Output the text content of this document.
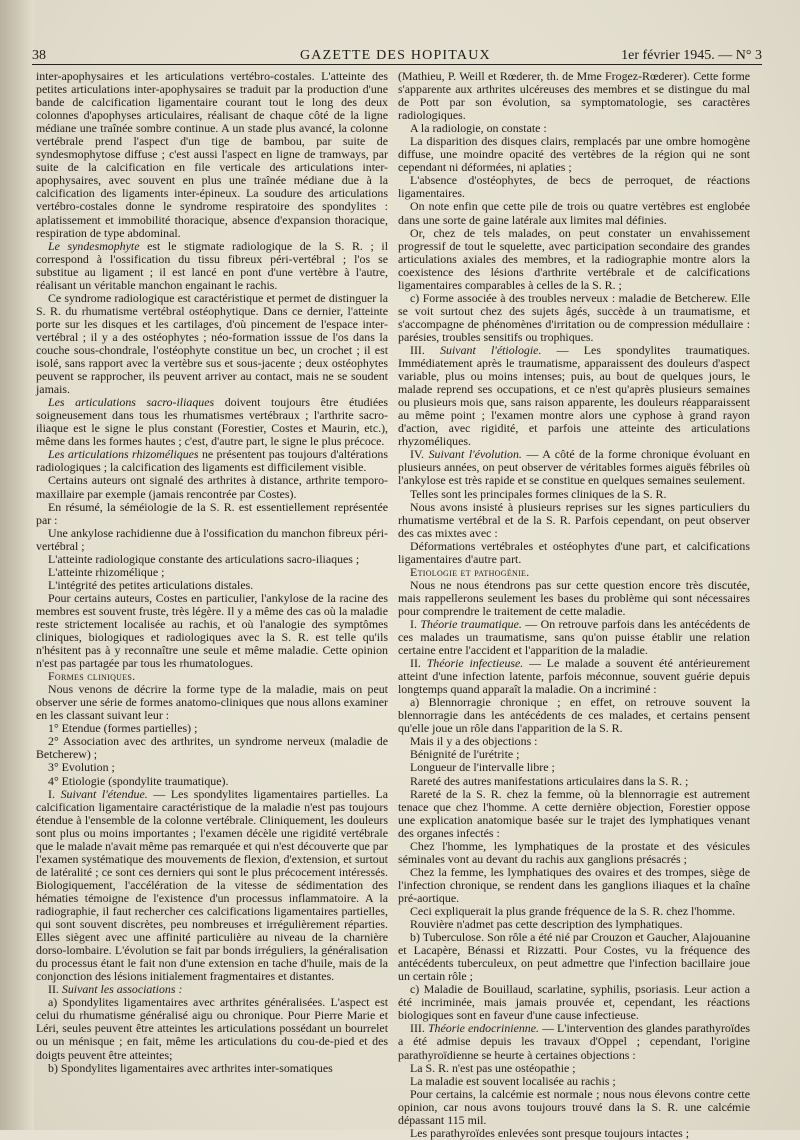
38	GAZETTE DES HOPITAUX	1er février 1945. — N° 3

inter-apophysaires et les articulations vertébro-costales. L'atteinte des petites articulations inter-apophysaires se traduit par la production d'une bande de calcification ligamentaire courant tout le long des deux colonnes d'apophyses articulaires, réalisant de chaque côté de la ligne médiane une traînée sombre continue. A un stade plus avancé, la colonne vertébrale prend l'aspect d'un tige de bambou, par suite de syndesmophytose diffuse ; c'est aussi l'aspect en ligne de tramways, par suite de la calcification en file verticale des articulations inter-apophysaires, avec souvent en plus une traînée médiane due à la calcification des ligaments inter-épineux. La soudure des articulations vertébro-costales donne le syndrome respiratoire des spondylites : aplatissement et immobilité thoracique, absence d'expansion thoracique, respiration de type abdominal.

Le syndesmophyte est le stigmate radiologique de la S. R. ; il correspond à l'ossification du tissu fibreux péri-vertébral ; l'os se substitue au ligament ; il est lancé en pont d'une vertèbre à l'autre, réalisant un véritable manchon engainant le rachis.

Ce syndrome radiologique est caractéristique et permet de distinguer la S. R. du rhumatisme vertébral ostéophytique. Dans ce dernier, l'atteinte porte sur les disques et les cartilages, d'où pincement de l'espace inter-vertébral ; il y a des ostéophytes ; néo-formation isssue de l'os dans la couche sous-chondrale, l'ostéophyte constitue un bec, un crochet ; il est isolé, sans rapport avec la vertèbre sus et sous-jacente ; deux ostéophytes peuvent se rapprocher, ils peuvent arriver au contact, mais ne se soudent jamais.

Les articulations sacro-iliaques doivent toujours être étudiées soigneusement dans tous les rhumatismes vertébraux ; l'arthrite sacro-iliaque est le signe le plus constant (Forestier, Costes et Maurin, etc.), même dans les formes hautes ; c'est, d'autre part, le signe le plus précoce.

Les articulations rhizoméliques ne présentent pas toujours d'altérations radiologiques ; la calcification des ligaments est difficilement visible.

Certains auteurs ont signalé des arthrites à distance, arthrite temporo-maxillaire par exemple (jamais rencontrée par Costes).

En résumé, la séméiologie de la S. R. est essentiellement représentée par :

Une ankylose rachidienne due à l'ossification du manchon fibreux péri-vertébral ;

L'atteinte radiologique constante des articulations sacro-iliaques ;

L'atteinte rhizomélique ;

L'intégrité des petites articulations distales.

Pour certains auteurs, Costes en particulier, l'ankylose de la racine des membres est souvent fruste, très légère. Il y a même des cas où la maladie reste strictement localisée au rachis, et où l'analogie des symptômes cliniques, biologiques et radiologiques avec la S. R. est telle qu'ils n'hésitent pas à y reconnaître une seule et même maladie. Cette opinion n'est pas partagée par tous les rhumatologues.

Formes cliniques.

Nous venons de décrire la forme type de la maladie, mais on peut observer une série de formes anatomo-cliniques que nous allons examiner en les classant suivant leur :

1° Etendue (formes partielles) ;

2° Association avec des arthrites, un syndrome nerveux (maladie de Betcherew) ;

3° Evolution ;

4° Etiologie (spondylite traumatique).

I. Suivant l'étendue. — Les spondylites ligamentaires partielles. La calcification ligamentaire caractéristique de la maladie n'est pas toujours étendue à l'ensemble de la colonne vertébrale. Cliniquement, les douleurs sont plus ou moins importantes ; l'examen décèle une rigidité vertébrale que le malade n'avait même pas remarquée et qui n'est découverte que par l'examen systématique des mouvements de flexion, d'extension, et surtout de latéralité ; ce sont ces derniers qui sont le plus précocement intéressés. Biologiquement, l'accélération de la vitesse de sédimentation des hématies témoigne de l'existence d'un processus inflammatoire. A la radiographie, il faut rechercher ces calcifications ligamentaires partielles, qui sont souvent discrètes, peu nombreuses et irrégulièrement réparties. Elles siègent avec une affinité particulière au niveau de la charnière dorso-lombaire. L'évolution se fait par bonds irréguliers, la généralisation du processus étant le fait non d'une extension en tache d'huile, mais de la conjonction des lésions initialement fragmentaires et distantes.

II. Suivant les associations :

a) Spondylites ligamentaires avec arthrites généralisées. L'aspect est celui du rhumatisme généralisé aigu ou chronique. Pour Pierre Marie et Léri, seules peuvent être atteintes les articulations possédant un bourrelet ou un ménisque ; en fait, même les articulations du cou-de-pied et des doigts peuvent être atteintes;

b) Spondylites ligamentaires avec arthrites inter-somatiques

(Mathieu, P. Weill et Rœderer, th. de Mme Frogez-Rœderer). Cette forme s'apparente aux arthrites ulcéreuses des membres et se distingue du mal de Pott par son évolution, sa symptomatologie, ses caractères radiologiques.

A la radiologie, on constate :

La disparition des disques clairs, remplacés par une ombre homogène diffuse, une moindre opacité des vertèbres de la région qui ne sont cependant ni déformées, ni aplaties ;

L'absence d'ostéophytes, de becs de perroquet, de réactions ligamentaires.

On note enfin que cette pile de trois ou quatre vertèbres est englobée dans une sorte de gaine latérale aux limites mal définies.

Or, chez de tels malades, on peut constater un envahissement progressif de tout le squelette, avec participation secondaire des grandes articulations axiales des membres, et la radiographie montre alors la coexistence des lésions d'arthrite vertébrale et de calcifications ligamentaires comparables à celles de la S. R. ;

c) Forme associée à des troubles nerveux : maladie de Betcherew. Elle se voit surtout chez des sujets âgés, succède à un traumatisme, et s'accompagne de phénomènes d'irritation ou de compression médullaire : parésies, troubles sensitifs ou trophiques.

III. Suivant l'étiologie. — Les spondylites traumatiques. Immédiatement après le traumatisme, apparaissent des douleurs d'aspect variable, plus ou moins intenses; puis, au bout de quelques jours, le malade reprend ses occupations, et ce n'est qu'après plusieurs semaines ou plusieurs mois que, sans raison apparente, les douleurs réapparaissent au même point ; l'examen montre alors une cyphose à grand rayon d'action, avec rigidité, et parfois une atteinte des articulations rhyzoméliques.

IV. Suivant l'évolution. — A côté de la forme chronique évoluant en plusieurs années, on peut observer de véritables formes aiguës fébriles où l'ankylose est très rapide et se constitue en quelques semaines seulement.

Telles sont les principales formes cliniques de la S. R.

Nous avons insisté à plusieurs reprises sur les signes particuliers du rhumatisme vertébral et de la S. R. Parfois cependant, on peut observer des cas mixtes avec :

Déformations vertébrales et ostéophytes d'une part, et calcifications ligamentaires d'autre part.

Etiologie et pathogénie.

Nous ne nous étendrons pas sur cette question encore très discutée, mais rappellerons seulement les bases du problème qui sont nécessaires pour comprendre le traitement de cette maladie.

I. Théorie traumatique. — On retrouve parfois dans les antécédents de ces malades un traumatisme, sans qu'on puisse établir une relation certaine entre l'accident et l'apparition de la maladie.

II. Théorie infectieuse. — Le malade a souvent été antérieurement atteint d'une infection latente, parfois méconnue, souvent guérie depuis longtemps quand apparaît la maladie. On a incriminé :

a) Blennorragie chronique ; en effet, on retrouve souvent la blennorragie dans les antécédents de ces malades, et certains pensent qu'elle joue un rôle dans l'apparition de la S. R.

Mais il y a des objections :

Bénignité de l'urétrite ;

Longueur de l'intervalle libre ;

Rareté des autres manifestations articulaires dans la S. R. ;

Rareté de la S. R. chez la femme, où la blennorragie est autrement tenace que chez l'homme. A cette dernière objection, Forestier oppose une explication anatomique basée sur le trajet des lymphatiques venant des organes infectés :

Chez l'homme, les lymphatiques de la prostate et des vésicules séminales vont au devant du rachis aux ganglions présacrés ;

Chez la femme, les lymphatiques des ovaires et des trompes, siège de l'infection chronique, se rendent dans les ganglions iliaques et la chaîne pré-aortique.

Ceci expliquerait la plus grande fréquence de la S. R. chez l'homme.

Rouvière n'admet pas cette description des lymphatiques.

b) Tuberculose. Son rôle a été nié par Crouzon et Gaucher, Alajouanine et Lacapère, Bénassi et Rizzatti. Pour Costes, vu la fréquence des antécédents tuberculeux, on peut admettre que l'infection bacillaire joue un certain rôle ;

c) Maladie de Bouillaud, scarlatine, syphilis, psoriasis. Leur action a été incriminée, mais jamais prouvée et, cependant, les réactions biologiques sont en faveur d'une cause infectieuse.

III. Théorie endocrinienne. — L'intervention des glandes parathyroïdes a été admise depuis les travaux d'Oppel ; cependant, l'origine parathyroïdienne se heurte à certaines objections :

La S. R. n'est pas une ostéopathie ;

La maladie est souvent localisée au rachis ;

Pour certains, la calcémie est normale ; nous nous élevons contre cette opinion, car nous avons toujours trouvé dans la S. R. une calcémie dépassant 115 mil.

Les parathyroïdes enlevées sont presque toujours intactes ;
